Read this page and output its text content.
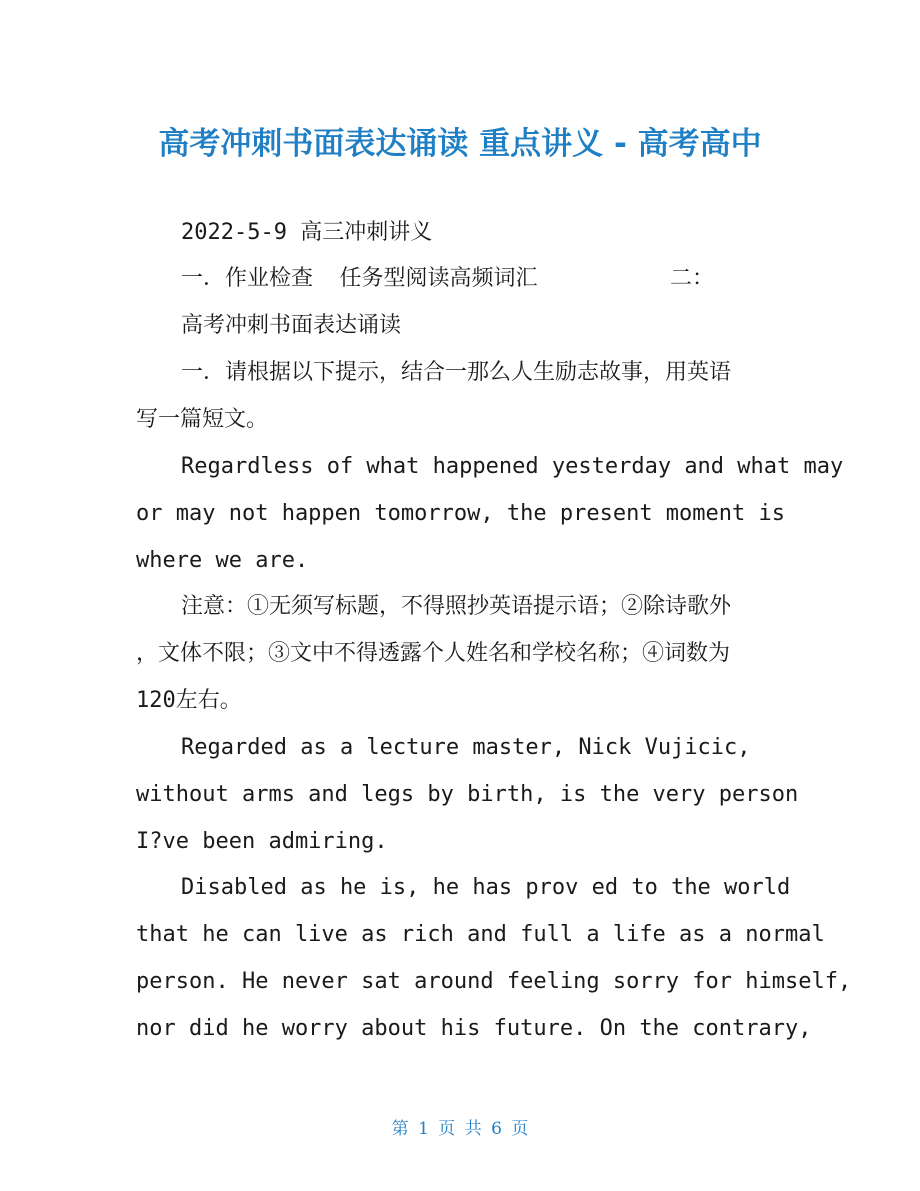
高考冲刺书面表达诵读 重点讲义 - 高考高中

2022-5-9 高三冲刺讲义

一．作业检查  任务型阅读高频词汇          二：

高考冲刺书面表达诵读

一．请根据以下提示，结合一那么人生励志故事，用英语

写一篇短文。

Regardless of what happened yesterday and what may

or may not happen tomorrow, the present moment is

where we are.

注意：①无须写标题，不得照抄英语提示语；②除诗歌外

，文体不限；③文中不得透露个人姓名和学校名称；④词数为

120左右。

Regarded as a lecture master, Nick Vujicic,

without arms and legs by birth, is the very person

I?ve been admiring.

Disabled as he is, he has prov ed to the world

that he can live as rich and full a life as a normal

person. He never sat around feeling sorry for himself,

nor did he worry about his future. On the contrary,

第 1 页 共 6 页
